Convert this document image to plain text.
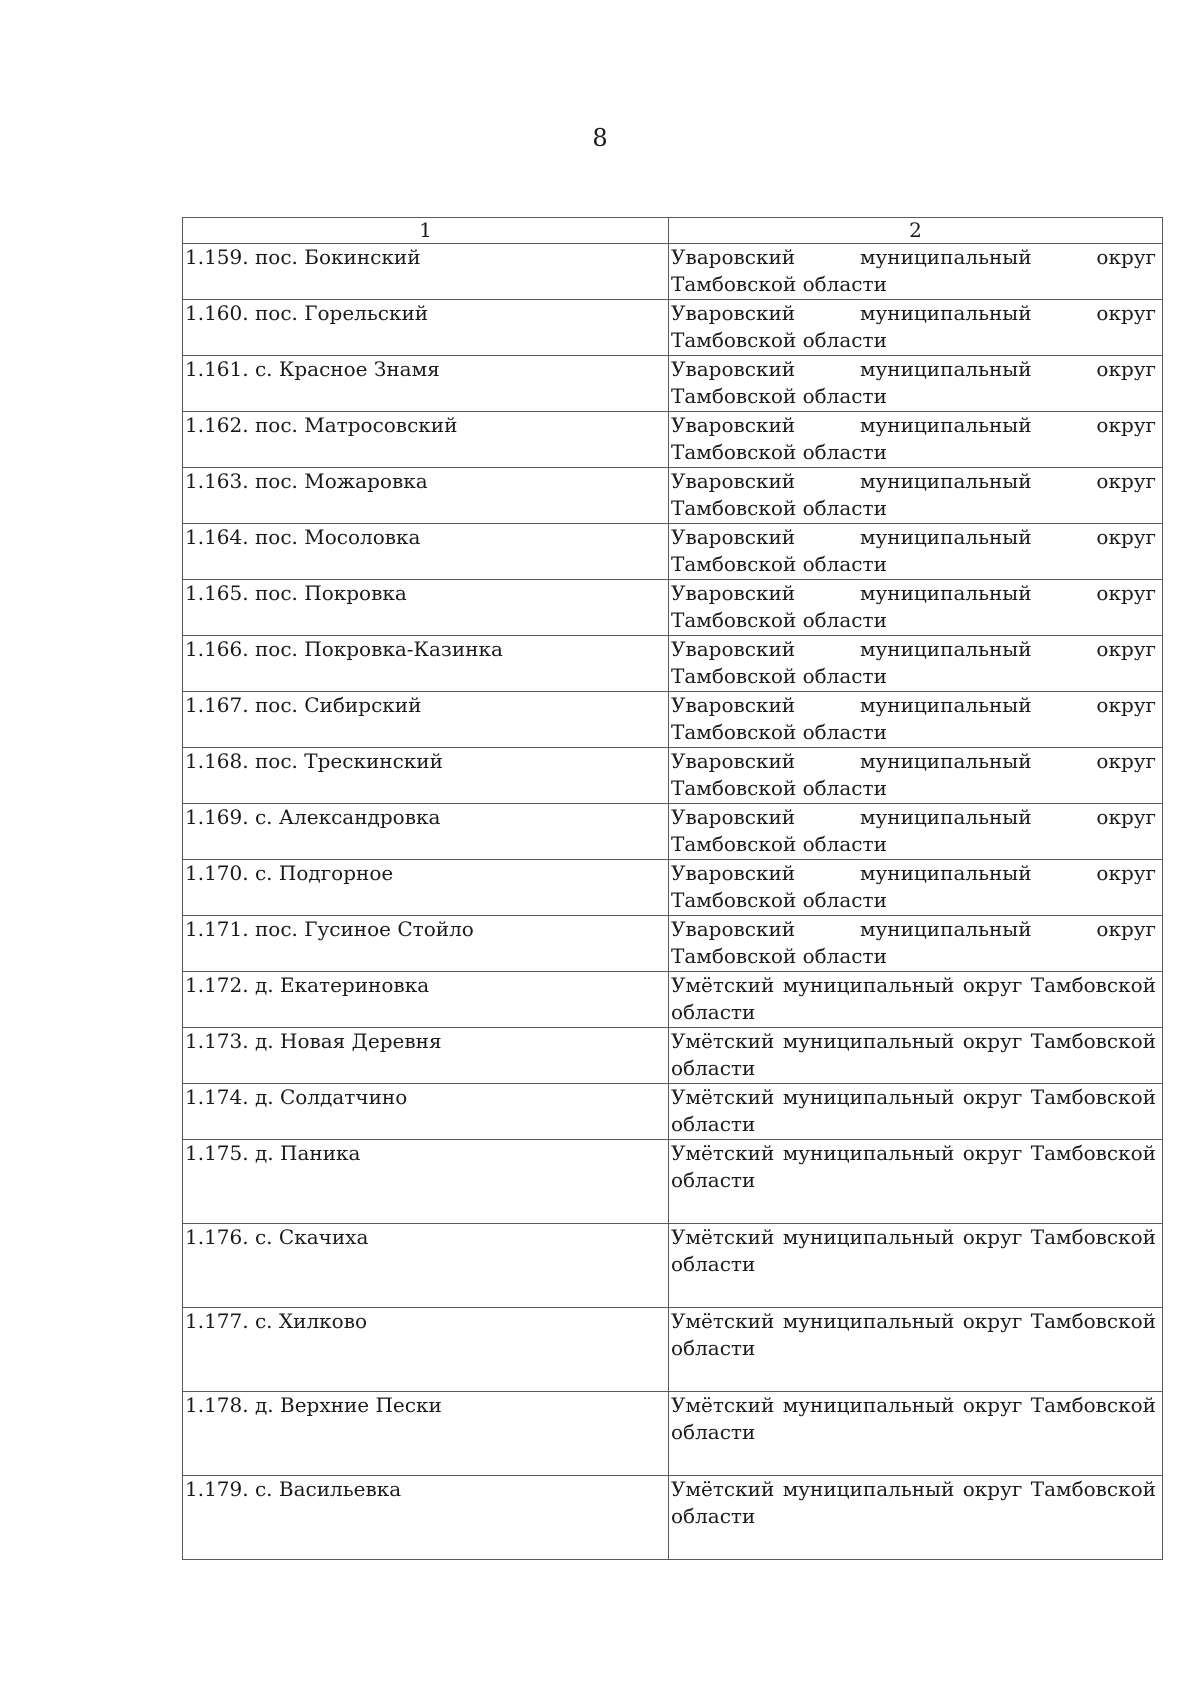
8
1	2
1.159. пос. Бокинский	Уваровский муниципальный округ Тамбовской области
1.160. пос. Горельский	Уваровский муниципальный округ Тамбовской области
1.161. с. Красное Знамя	Уваровский муниципальный округ Тамбовской области
1.162. пос. Матросовский	Уваровский муниципальный округ Тамбовской области
1.163. пос. Можаровка	Уваровский муниципальный округ Тамбовской области
1.164. пос. Мосоловка	Уваровский муниципальный округ Тамбовской области
1.165. пос. Покровка	Уваровский муниципальный округ Тамбовской области
1.166. пос. Покровка-Казинка	Уваровский муниципальный округ Тамбовской области
1.167. пос. Сибирский	Уваровский муниципальный округ Тамбовской области
1.168. пос. Трескинский	Уваровский муниципальный округ Тамбовской области
1.169. с. Александровка	Уваровский муниципальный округ Тамбовской области
1.170. с. Подгорное	Уваровский муниципальный округ Тамбовской области
1.171. пос. Гусиное Стойло	Уваровский муниципальный округ Тамбовской области
1.172. д. Екатериновка	Умётский муниципальный округ Тамбовской области
1.173. д. Новая Деревня	Умётский муниципальный округ Тамбовской области
1.174. д. Солдатчино	Умётский муниципальный округ Тамбовской области
1.175. д. Паника	Умётский муниципальный округ Тамбовской области
1.176. с. Скачиха	Умётский муниципальный округ Тамбовской области
1.177. с. Хилково	Умётский муниципальный округ Тамбовской области
1.178. д. Верхние Пески	Умётский муниципальный округ Тамбовской области
1.179. с. Васильевка	Умётский муниципальный округ Тамбовской области
